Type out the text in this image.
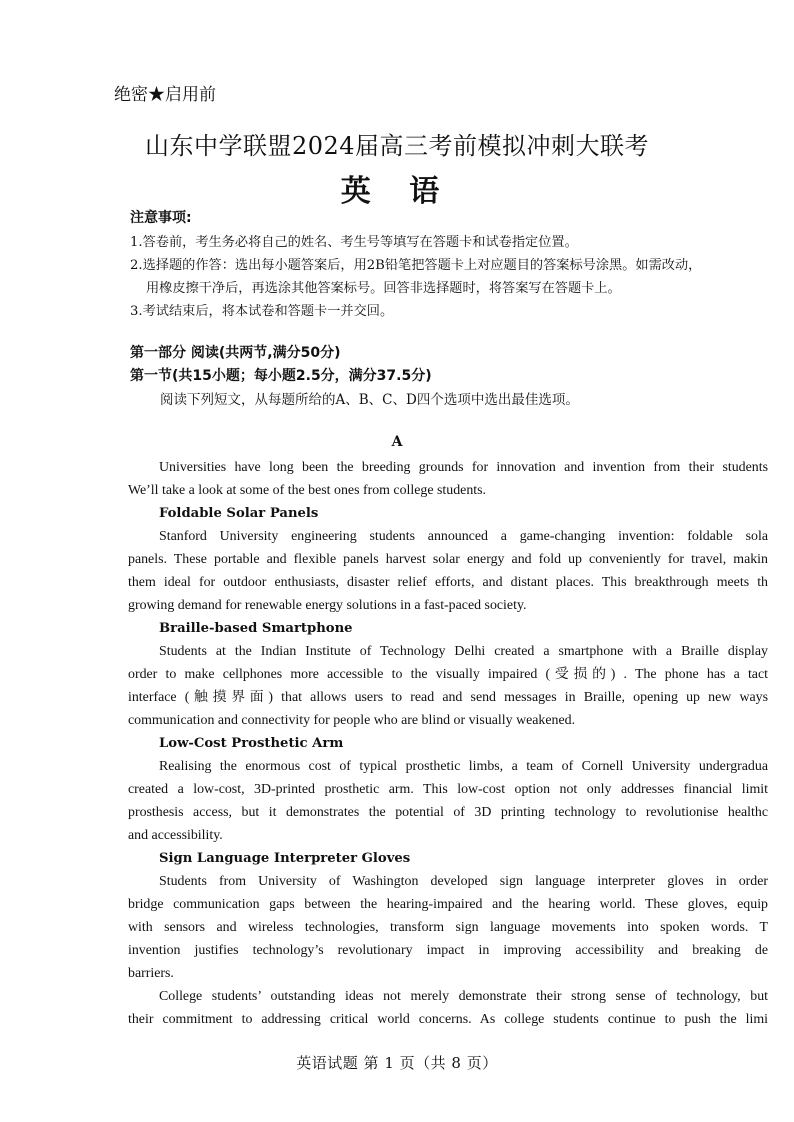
绝密★启用前
山东中学联盟2024届高三考前模拟冲刺大联考
英 语
注意事项:
1.答卷前，考生务必将自己的姓名、考生号等填写在答题卡和试卷指定位置。
2.选择题的作答：选出每小题答案后，用2B铅笔把答题卡上对应题目的答案标号涂黑。如需改动，
用橡皮擦干净后，再选涂其他答案标号。回答非选择题时，将答案写在答题卡上。
3.考试结束后，将本试卷和答题卡一并交回。
第一部分 阅读(共两节,满分50分)
第一节(共15小题；每小题2.5分，满分37.5分)
阅读下列短文，从每题所给的A、B、C、D四个选项中选出最佳选项。
A

Universities have long been the breeding grounds for innovation and invention from their students

We’ll take a look at some of the best ones from college students.

Foldable Solar Panels

Stanford University engineering students announced a game-changing invention: foldable sola

panels. These portable and flexible panels harvest solar energy and fold up conveniently for travel, makin

them ideal for outdoor enthusiasts, disaster relief efforts, and distant places. This breakthrough meets th

growing demand for renewable energy solutions in a fast-paced society.

Braille-based Smartphone

Students at the Indian Institute of Technology Delhi created a smartphone with a Braille display

order to make cellphones more accessible to the visually impaired (受损的) . The phone has a tact

interface (触摸界面) that allows users to read and send messages in Braille, opening up new ways

communication and connectivity for people who are blind or visually weakened.

Low-Cost Prosthetic Arm

Realising the enormous cost of typical prosthetic limbs, a team of Cornell University undergradua

created a low-cost, 3D-printed prosthetic arm. This low-cost option not only addresses financial limit

prosthesis access, but it demonstrates the potential of 3D printing technology to revolutionise healthc

and accessibility.

Sign Language Interpreter Gloves

Students from University of Washington developed sign language interpreter gloves in order

bridge communication gaps between the hearing-impaired and the hearing world. These gloves, equip

with sensors and wireless technologies, transform sign language movements into spoken words. T

invention justifies technology’s revolutionary impact in improving accessibility and breaking de

barriers.

College students’ outstanding ideas not merely demonstrate their strong sense of technology, but

their commitment to addressing critical world concerns. As college students continue to push the limi

英语试题 第 1 页（共 8 页）
